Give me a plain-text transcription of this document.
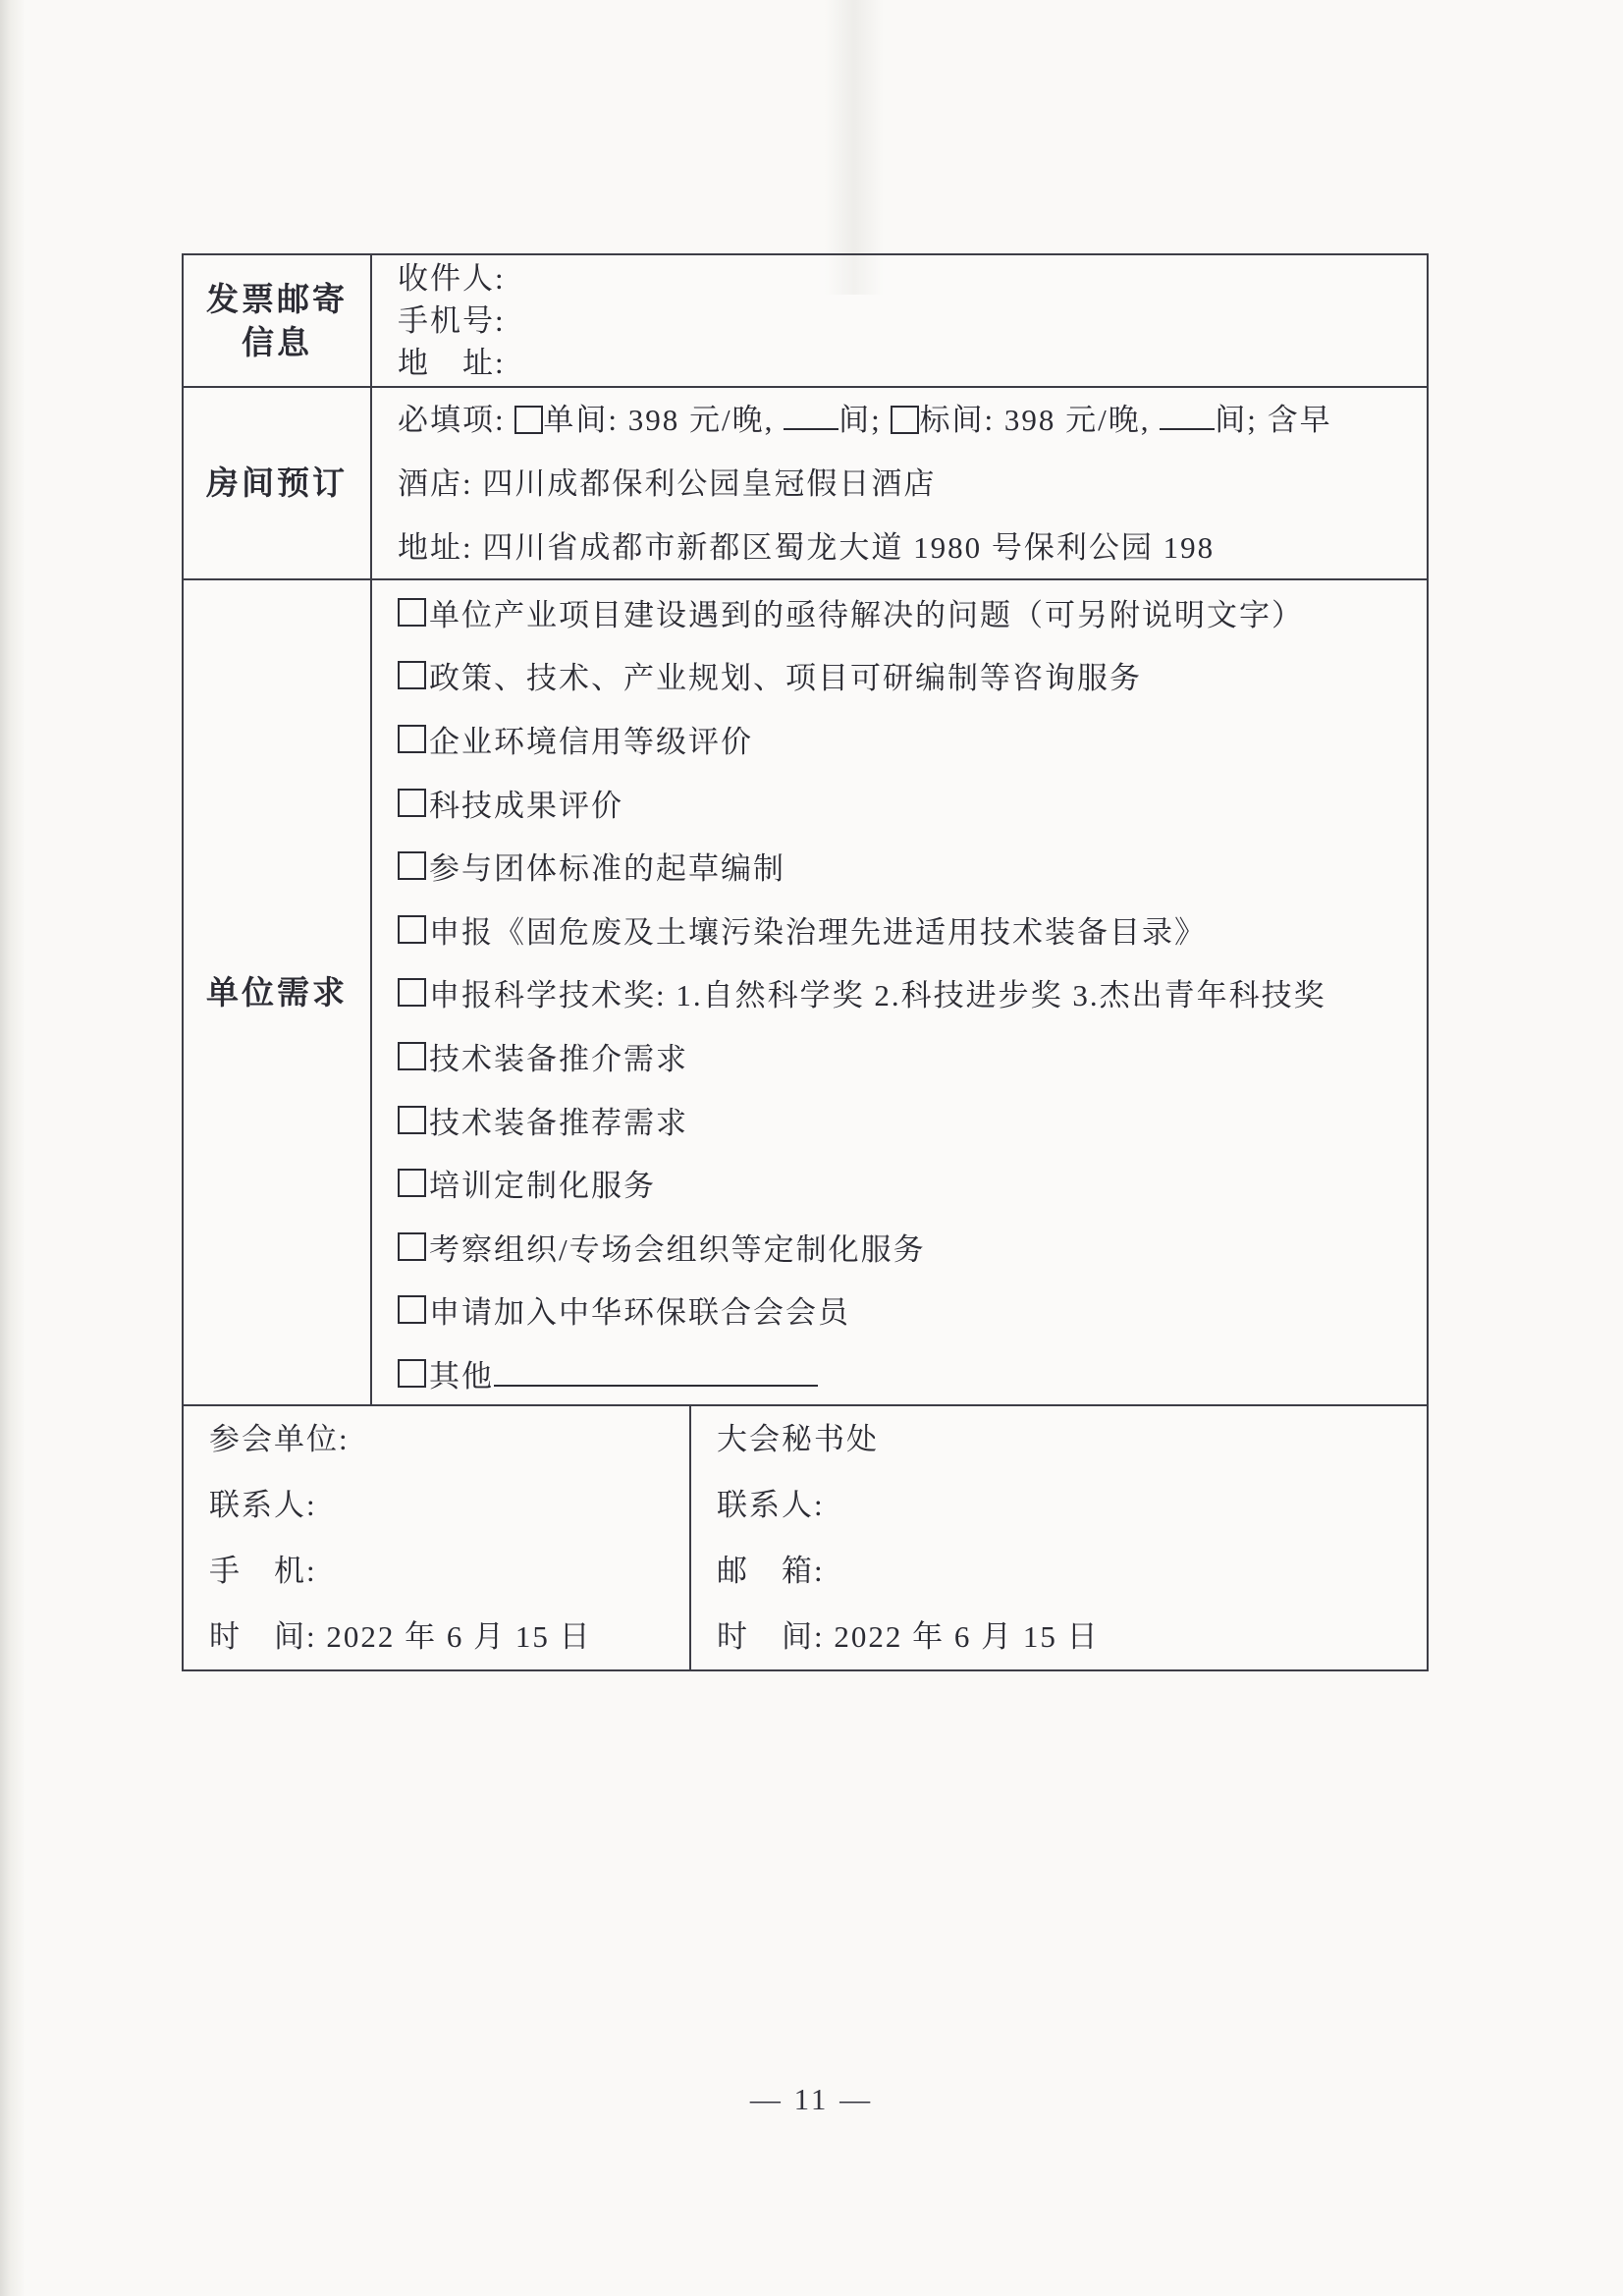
发票邮寄
信息
收件人:
手机号:
地　址:
房间预订
必填项: 单间: 398 元/晚, 间; 标间: 398 元/晚, 间; 含早
酒店: 四川成都保利公园皇冠假日酒店
地址: 四川省成都市新都区蜀龙大道 1980 号保利公园 198
单位需求
单位产业项目建设遇到的亟待解决的问题（可另附说明文字）
政策、技术、产业规划、项目可研编制等咨询服务
企业环境信用等级评价
科技成果评价
参与团体标准的起草编制
申报《固危废及土壤污染治理先进适用技术装备目录》
申报科学技术奖: 1.自然科学奖 2.科技进步奖 3.杰出青年科技奖
技术装备推介需求
技术装备推荐需求
培训定制化服务
考察组织/专场会组织等定制化服务
申请加入中华环保联合会会员
其他
参会单位:
联系人:
手　机:
时　间: 2022 年 6 月 15 日
大会秘书处
联系人:
邮　箱:
时　间: 2022 年 6 月 15 日
— 11 —
